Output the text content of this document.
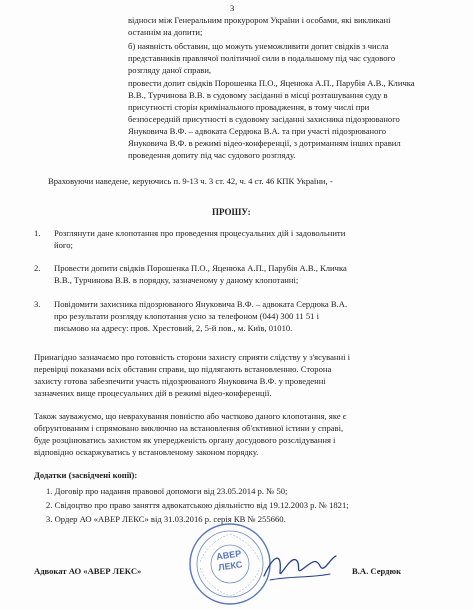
3
відноси між Генеральним прокурором України і особами, які викликані
останнім на допити;
б) наявність обставин, що можуть унеможливити допит свідків з числа
представників правлячої політичної сили в подальшому під час судового
розгляду даної справи,
провести допит свідків Порошенка П.О., Яценюка А.П., Парубія А.В., Кличка
В.В., Турчинова В.В. в судовому засіданні в місці розташування суду в
присутності сторін кримінального провадження, в тому числі при
безпосередній присутності в судовому засіданні захисника підозрюваного
Януковича В.Ф. – адвоката Сердюка В.А. та при участі підозрюваного
Януковича В.Ф. в режимі відео-конференції, з дотриманням інших правил
проведення допиту під час судового розгляду.
Враховуючи наведене, керуючись п. 9-13 ч. 3 ст. 42, ч. 4 ст. 46 КПК України, -
ПРОШУ:
1. Розглянути дане клопотання про проведення процесуальних дій і задовольнити
його;
2. Провести допити свідків Порошенка П.О., Яценюка А.П., Парубія А.В., Кличка
В.В., Турчинова В.В. в порядку, зазначеному у даному клопотанні;
3. Повідомити захисника підозрюваного Януковича В.Ф. – адвоката Сердюка В.А.
про результати розгляду клопотання усно за телефоном (044) 300 11 51 і
письмово на адресу: пров. Хрестовий, 2, 5-й пов., м. Київ, 01010.
Принагідно зазначаємо про готовність сторони захисту сприяти слідству у з'ясуванні і
перевірці показами всіх обставин справи, що підлягають встановленню. Сторона
захисту готова забезпечити участь підозрюваного Януковича В.Ф. у проведенні
зазначених вище процесуальних дій в режимі відео-конференції.
Також зауважуємо, що неврахування повністю або частково даного клопотання, яке є
обґрунтованим і спрямовано виключно на встановлення об'єктивної істини у справі,
буде розцінюватись захистом як упередженість органу досудового розслідування і
відповідно оскаржуватись у встановленому законом порядку.
Додатки (засвідчені копії):
1. Договір про надання правової допомоги від 23.05.2014 р. № 50;
2. Свідоцтво про право заняття адвокатською діяльністю від 19.12.2003 р. № 1821;
3. Ордер АО «АВЕР ЛЕКС» від 31.03.2016 р. серія КВ № 255660.
Адвокат АО «АВЕР ЛЕКС»	В.А. Сердюк
АВЕР
ЛЕКС
